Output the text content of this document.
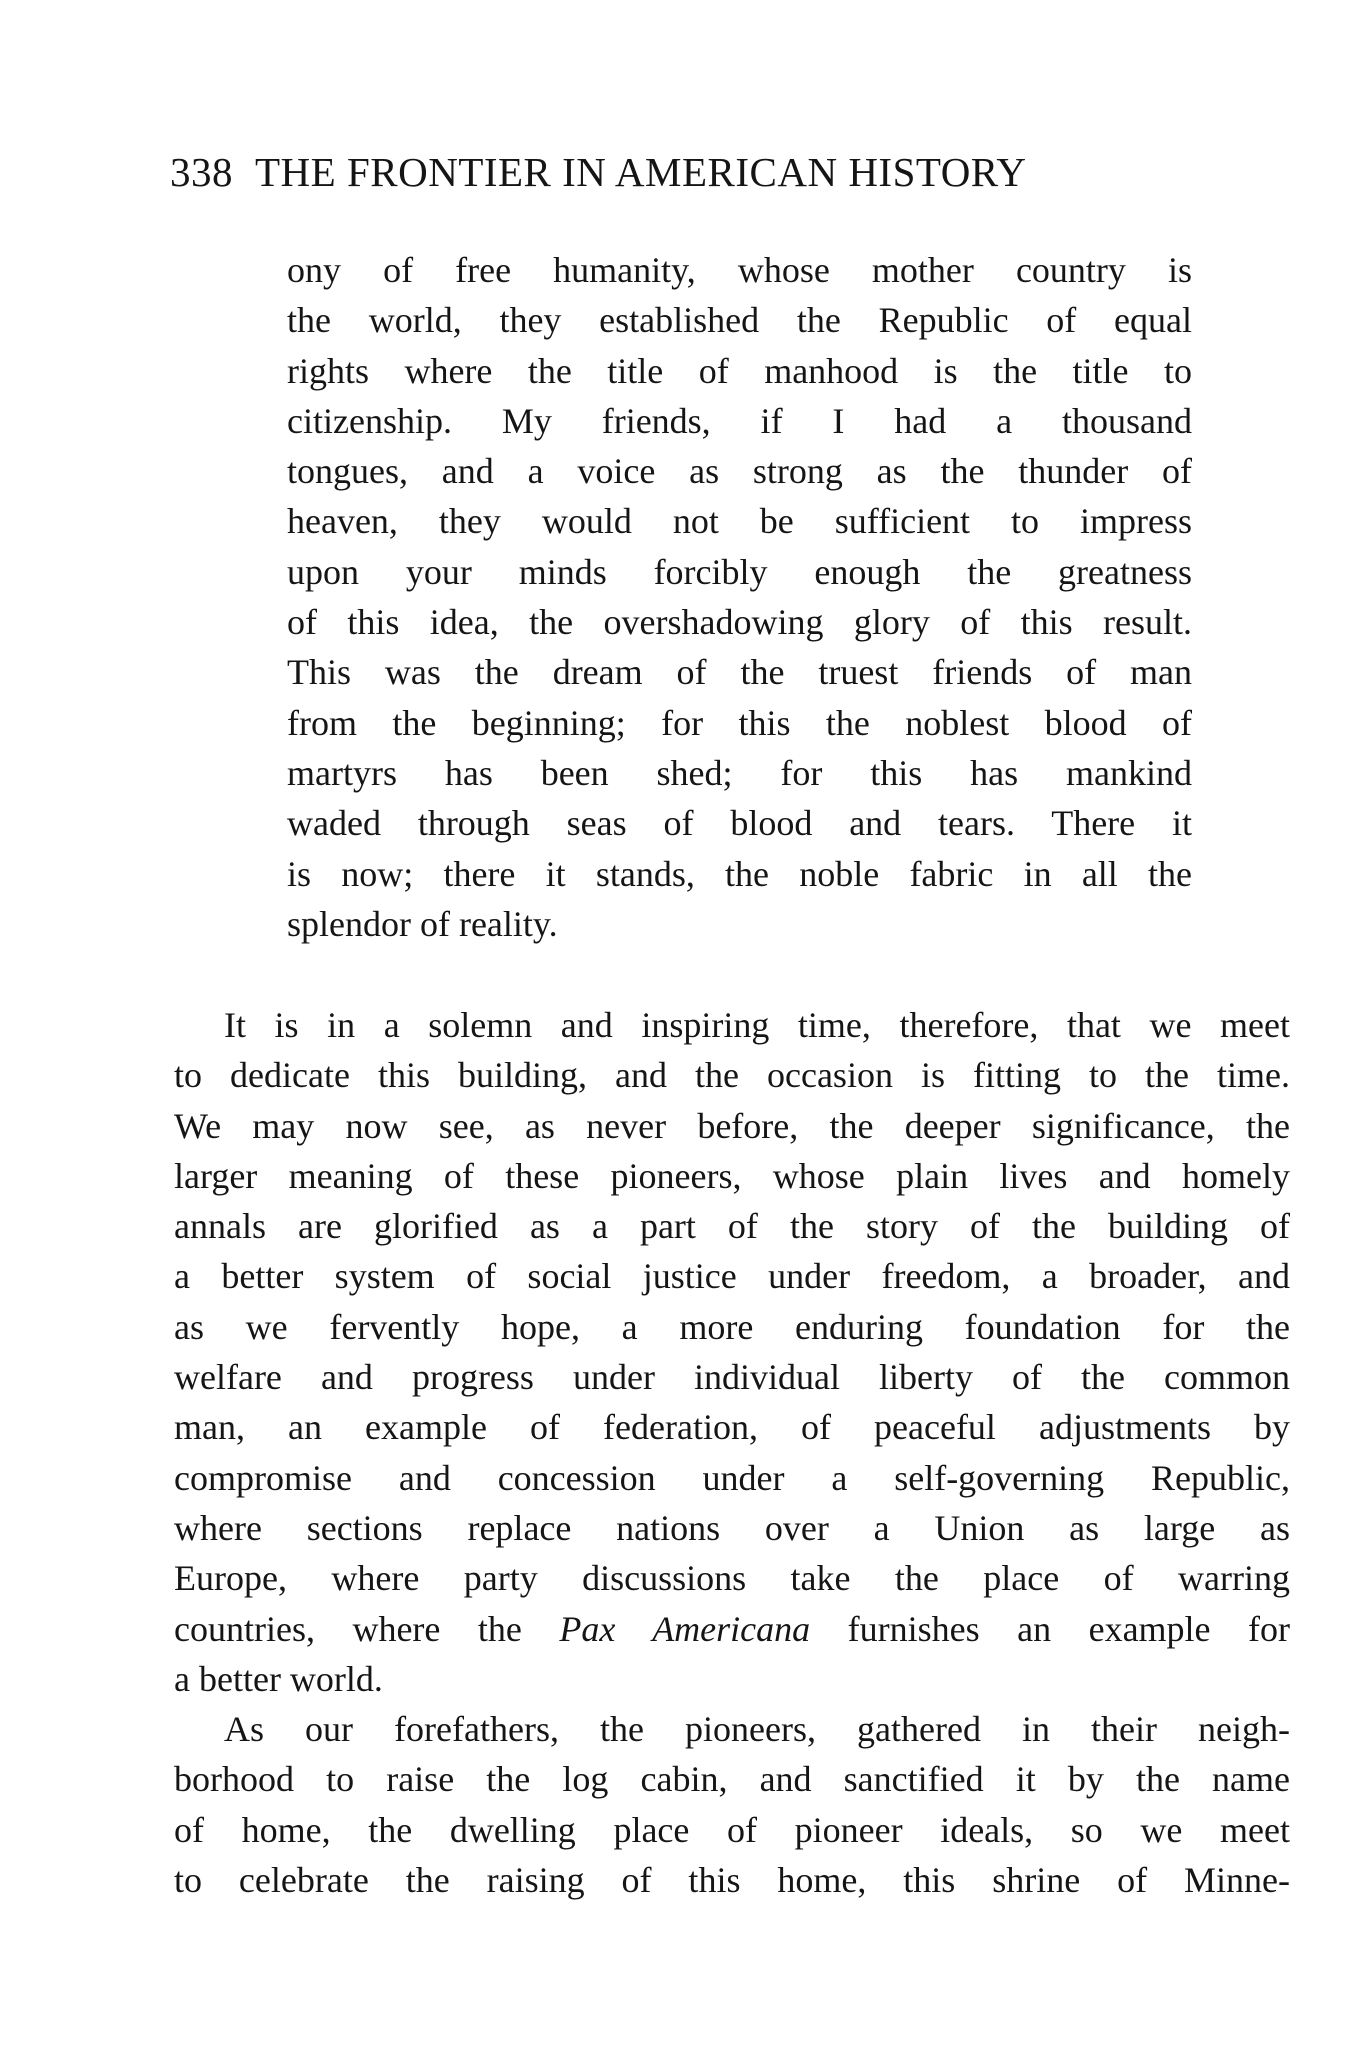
338 THE FRONTIER IN AMERICAN HISTORY
ony of free humanity, whose mother country is
the world, they established the Republic of equal
rights where the title of manhood is the title to
citizenship. My friends, if I had a thousand
tongues, and a voice as strong as the thunder of
heaven, they would not be sufficient to impress
upon your minds forcibly enough the greatness
of this idea, the overshadowing glory of this result.
This was the dream of the truest friends of man
from the beginning; for this the noblest blood of
martyrs has been shed; for this has mankind
waded through seas of blood and tears. There it
is now; there it stands, the noble fabric in all the
splendor of reality.
It is in a solemn and inspiring time, therefore, that we meet
to dedicate this building, and the occasion is fitting to the time.
We may now see, as never before, the deeper significance, the
larger meaning of these pioneers, whose plain lives and homely
annals are glorified as a part of the story of the building of
a better system of social justice under freedom, a broader, and
as we fervently hope, a more enduring foundation for the
welfare and progress under individual liberty of the common
man, an example of federation, of peaceful adjustments by
compromise and concession under a self-governing Republic,
where sections replace nations over a Union as large as
Europe, where party discussions take the place of warring
countries, where the Pax Americana furnishes an example for
a better world.
As our forefathers, the pioneers, gathered in their neigh-
borhood to raise the log cabin, and sanctified it by the name
of home, the dwelling place of pioneer ideals, so we meet
to celebrate the raising of this home, this shrine of Minne-
